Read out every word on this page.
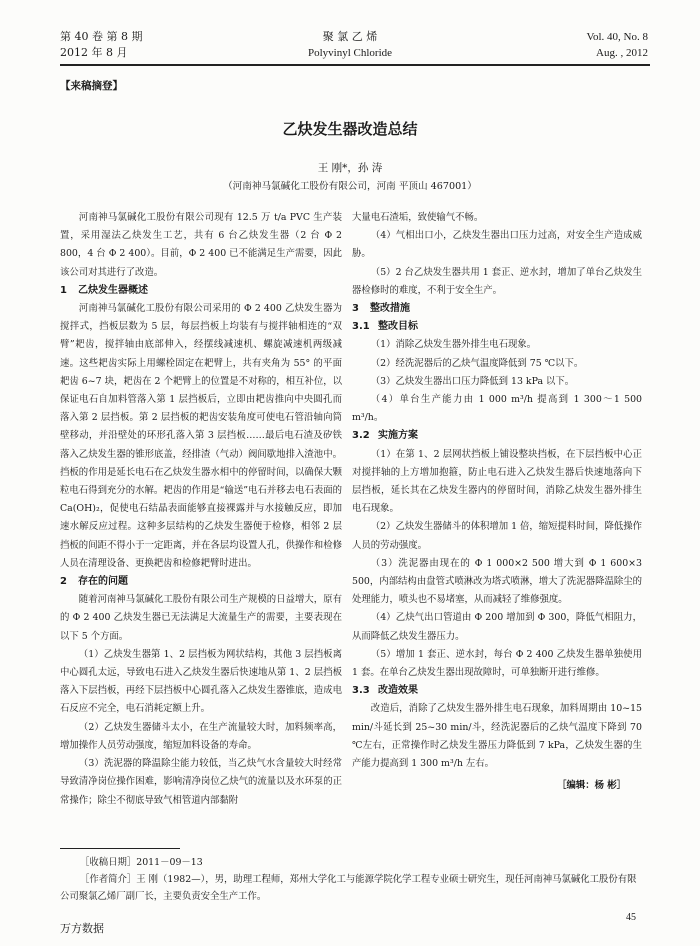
第 40 卷 第 8 期
2012 年 8 月
聚 氯 乙 烯
Polyvinyl Chloride
Vol. 40, No. 8
Aug. , 2012
【来稿摘登】
乙炔发生器改造总结
王 刚*，孙 涛
（河南神马氯碱化工股份有限公司，河南 平顶山 467001）

河南神马氯碱化工股份有限公司现有 12.5 万 t/a PVC 生产装置，采用湿法乙炔发生工艺，共有 6 台乙炔发生器（2 台 Φ 2 800，4 台 Φ 2 400）。目前，Φ 2 400 已不能满足生产需要，因此该公司对其进行了改造。

1 乙炔发生器概述

河南神马氯碱化工股份有限公司采用的 Φ 2 400 乙炔发生器为搅拌式，挡板层数为 5 层，每层挡板上均装有与搅拌轴相连的“双臂”耙齿，搅拌轴由底部伸入，经摆线减速机、螺旋减速机两级减速。这些耙齿实际上用螺栓固定在耙臂上，共有夹角为 55° 的平面耙齿 6~7 块，耙齿在 2 个耙臂上的位置是不对称的，相互补位，以保证电石自加料管落入第 1 层挡板后，立即由耙齿推向中央圆孔而落入第 2 层挡板。第 2 层挡板的耙齿安装角度可使电石管沿轴向筒壁移动，并沿壁处的环形孔落入第 3 层挡板……最后电石渣及矽铁落入乙炔发生器的锥形底盖，经排渣（气动）阀间歇地排入渣池中。挡板的作用是延长电石在乙炔发生器水相中的停留时间，以确保大颗粒电石得到充分的水解。耙齿的作用是“输送”电石并移去电石表面的 Ca(OH)₂，促使电石结晶表面能够直接裸露并与水接触反应，即加速水解反应过程。这种多层结构的乙炔发生器便于检修，相邻 2 层挡板的间距不得小于一定距离，并在各层均设置人孔，供操作和检修人员在清理设备、更换耙齿和检修耙臂时进出。

2 存在的问题

随着河南神马氯碱化工股份有限公司生产规模的日益增大，原有的 Φ 2 400 乙炔发生器已无法满足大流量生产的需要，主要表现在以下 5 个方面。

（1）乙炔发生器第 1、2 层挡板为网状结构，其他 3 层挡板离中心圆孔太远，导致电石进入乙炔发生器后快速地从第 1、2 层挡板落入下层挡板，再经下层挡板中心圆孔落入乙炔发生器锥底，造成电石反应不完全，电石消耗定额上升。

（2）乙炔发生器储斗太小，在生产流量较大时，加料频率高，增加操作人员劳动强度，缩短加料设备的寿命。

（3）洗泥器的降温除尘能力较低，当乙炔气水含量较大时经常导致清净岗位操作困难，影响清净岗位乙炔气的流量以及水环泵的正常操作；除尘不彻底导致气相管道内部黏附

大量电石渣垢，致使输气不畅。

（4）气相出口小，乙炔发生器出口压力过高，对安全生产造成威胁。

（5）2 台乙炔发生器共用 1 套正、逆水封，增加了单台乙炔发生器检修时的难度，不利于安全生产。

3 整改措施
3.1 整改目标

（1）消除乙炔发生器外排生电石现象。

（2）经洗泥器后的乙炔气温度降低到 75 ℃以下。

（3）乙炔发生器出口压力降低到 13 kPa 以下。

（4）单台生产能力由 1 000 m³/h 提高到 1 300～1 500 m³/h。

3.2 实施方案

（1）在第 1、2 层网状挡板上铺设整块挡板，在下层挡板中心正对搅拌轴的上方增加抱箍，防止电石进入乙炔发生器后快速地落向下层挡板，延长其在乙炔发生器内的停留时间，消除乙炔发生器外排生电石现象。

（2）乙炔发生器储斗的体积增加 1 倍，缩短提料时间，降低操作人员的劳动强度。

（3）洗泥器由现在的 Φ 1 000×2 500 增大到 Φ 1 600×3 500，内部结构由盘管式喷淋改为塔式喷淋，增大了洗泥器降温除尘的处理能力，喷头也不易堵塞，从而减轻了维修强度。

（4）乙炔气出口管道由 Φ 200 增加到 Φ 300，降低气相阻力，从而降低乙炔发生器压力。

（5）增加 1 套正、逆水封，每台 Φ 2 400 乙炔发生器单独使用 1 套。在单台乙炔发生器出现故障时，可单独断开进行维修。

3.3 改造效果

改造后，消除了乙炔发生器外排生电石现象，加料周期由 10~15 min/斗延长到 25~30 min/斗，经洗泥器后的乙炔气温度下降到 70 ℃左右，正常操作时乙炔发生器压力降低到 7 kPa，乙炔发生器的生产能力提高到 1 300 m³/h 左右。

［编辑：杨 彬］
［收稿日期］2011－09－13
［作者简介］王 刚（1982—），男，助理工程师，郑州大学化工与能源学院化学工程专业硕士研究生，现任河南神马氯碱化工股份有限公司聚氯乙烯厂副厂长，主要负责安全生产工作。
45
万方数据
